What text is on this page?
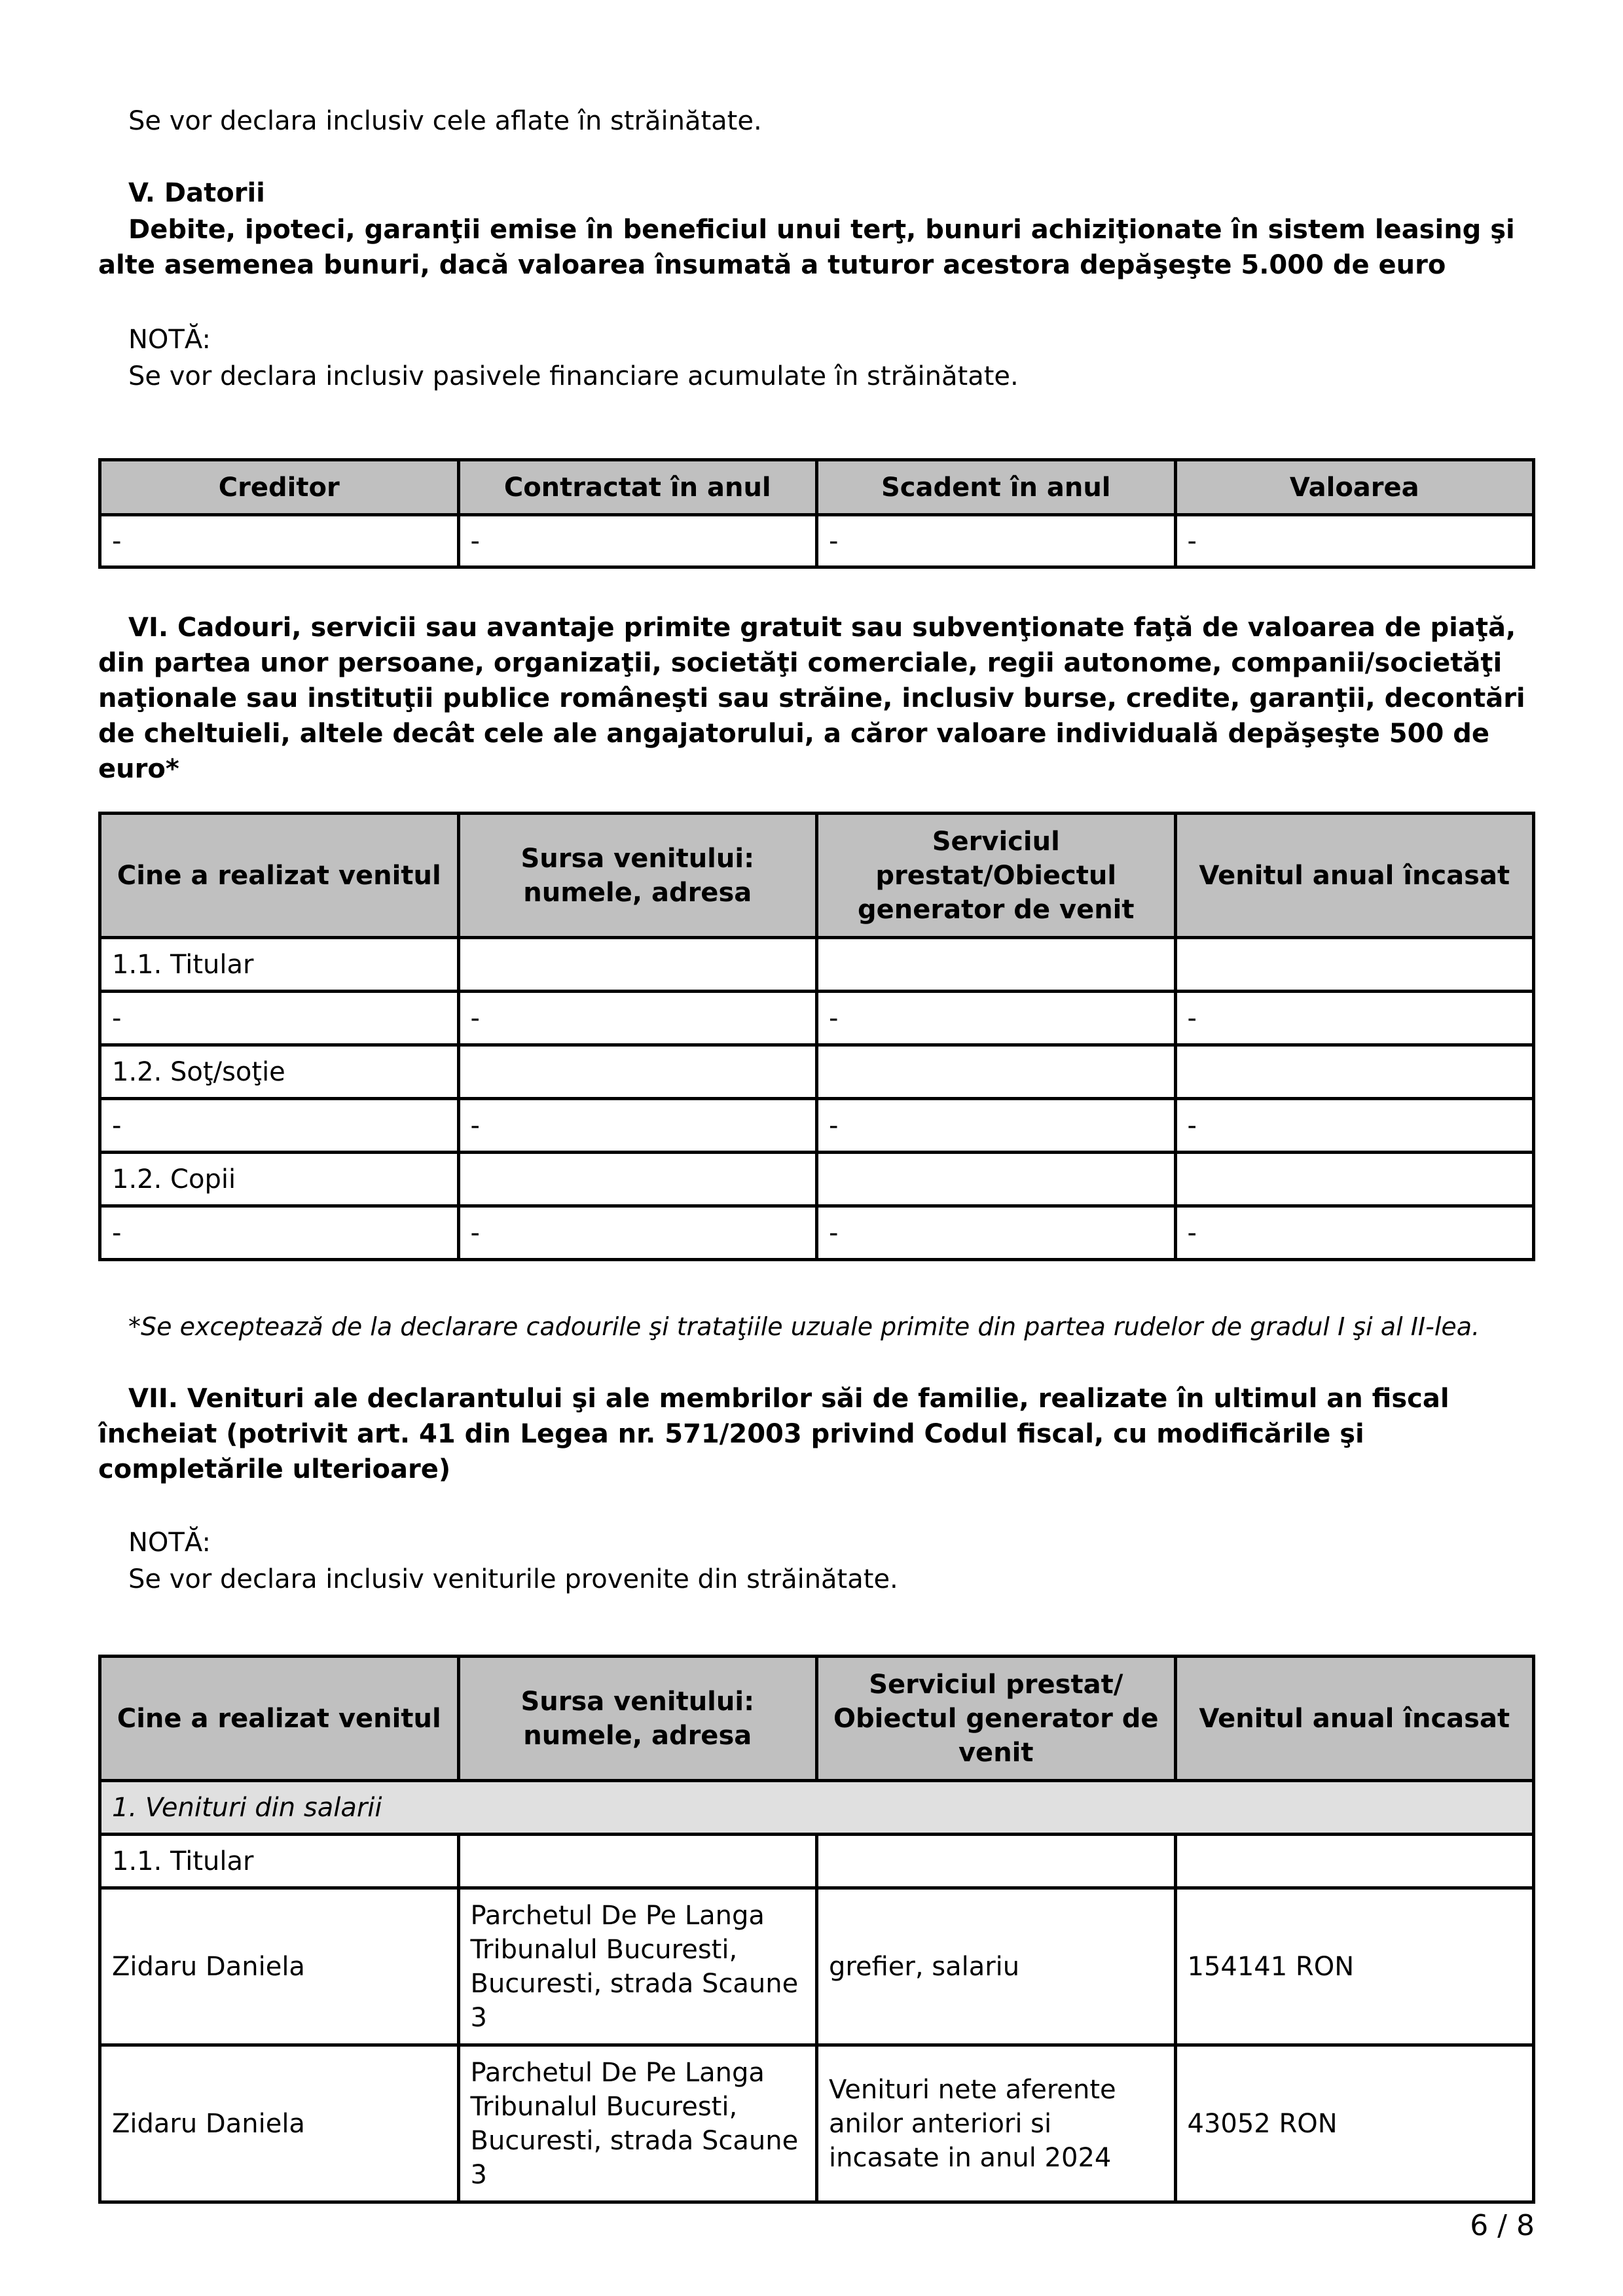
Se vor declara inclusiv cele aflate în străinătate.
V. Datorii
Debite, ipoteci, garanţii emise în beneficiul unui terţ, bunuri achiziţionate în sistem leasing şi alte asemenea bunuri, dacă valoarea însumată a tuturor acestora depăşeşte 5.000 de euro
NOTĂ:
Se vor declara inclusiv pasivele financiare acumulate în străinătate.
Creditor	Contractat în anul	Scadent în anul	Valoarea
-	-	-	-
VI. Cadouri, servicii sau avantaje primite gratuit sau subvenţionate faţă de valoarea de piaţă, din partea unor persoane, organizaţii, societăţi comerciale, regii autonome, companii/societăţi naţionale sau instituţii publice româneşti sau străine, inclusiv burse, credite, garanţii, decontări de cheltuieli, altele decât cele ale angajatorului, a căror valoare individuală depăşeşte 500 de euro*
Cine a realizat venitul	Sursa venitului: numele, adresa	Serviciul prestat/Obiectul generator de venit	Venitul anual încasat
1.1. Titular			
-	-	-	-
1.2. Soţ/soţie			
-	-	-	-
1.2. Copii			
-	-	-	-
*Se exceptează de la declarare cadourile şi trataţiile uzuale primite din partea rudelor de gradul I şi al II-lea.
VII. Venituri ale declarantului şi ale membrilor săi de familie, realizate în ultimul an fiscal încheiat (potrivit art. 41 din Legea nr. 571/2003 privind Codul fiscal, cu modificările şi completările ulterioare)
NOTĂ:
Se vor declara inclusiv veniturile provenite din străinătate.
Cine a realizat venitul	Sursa venitului: numele, adresa	Serviciul prestat/ Obiectul generator de venit	Venitul anual încasat
1. Venituri din salarii			
1.1. Titular			
Zidaru Daniela	Parchetul De Pe Langa Tribunalul Bucuresti, Bucuresti, strada Scaune 3	grefier, salariu	154141 RON
Zidaru Daniela	Parchetul De Pe Langa Tribunalul Bucuresti, Bucuresti, strada Scaune 3	Venituri nete aferente anilor anteriori si incasate in anul 2024	43052 RON
6 / 8
